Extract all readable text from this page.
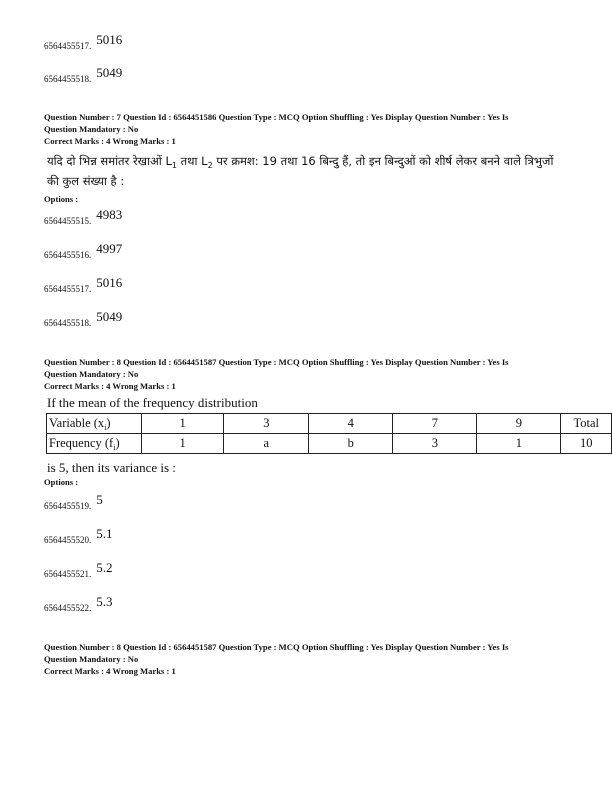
6564455517. $^{5016}$
6564455518. $^{5049}$
Question Number : 7 Question Id : 6564451586 Question Type : MCQ Option Shuffling : Yes Display Question Number : Yes Is
Question Mandatory : No
Correct Marks : 4 Wrong Marks : 1
यदि दो भिन्न समांतर रेखाओं $L_1$ तथा $L_2$ पर क्रमश: 19 तथा 16 बिन्दु हैं, तो इन बिन्दुओं को शीर्ष लेकर बनने वाले त्रिभुजों
की कुल संख्या है :
Options :
6564455515. $^{4983}$
6564455516. $^{4997}$
6564455517. $^{5016}$
6564455518. $^{5049}$
Question Number : 8 Question Id : 6564451587 Question Type : MCQ Option Shuffling : Yes Display Question Number : Yes Is
Question Mandatory : No
Correct Marks : 4 Wrong Marks : 1
If the mean of the frequency distribution
Variable $(x_i)$	1	3	4	7	9	Total
Frequency $(f_i)$	1	a	b	3	1	10
is 5, then its variance is :
Options :
6564455519. $^5$
6564455520. $^{5.1}$
6564455521. $^{5.2}$
6564455522. $^{5.3}$
Question Number : 8 Question Id : 6564451587 Question Type : MCQ Option Shuffling : Yes Display Question Number : Yes Is
Question Mandatory : No
Correct Marks : 4 Wrong Marks : 1
